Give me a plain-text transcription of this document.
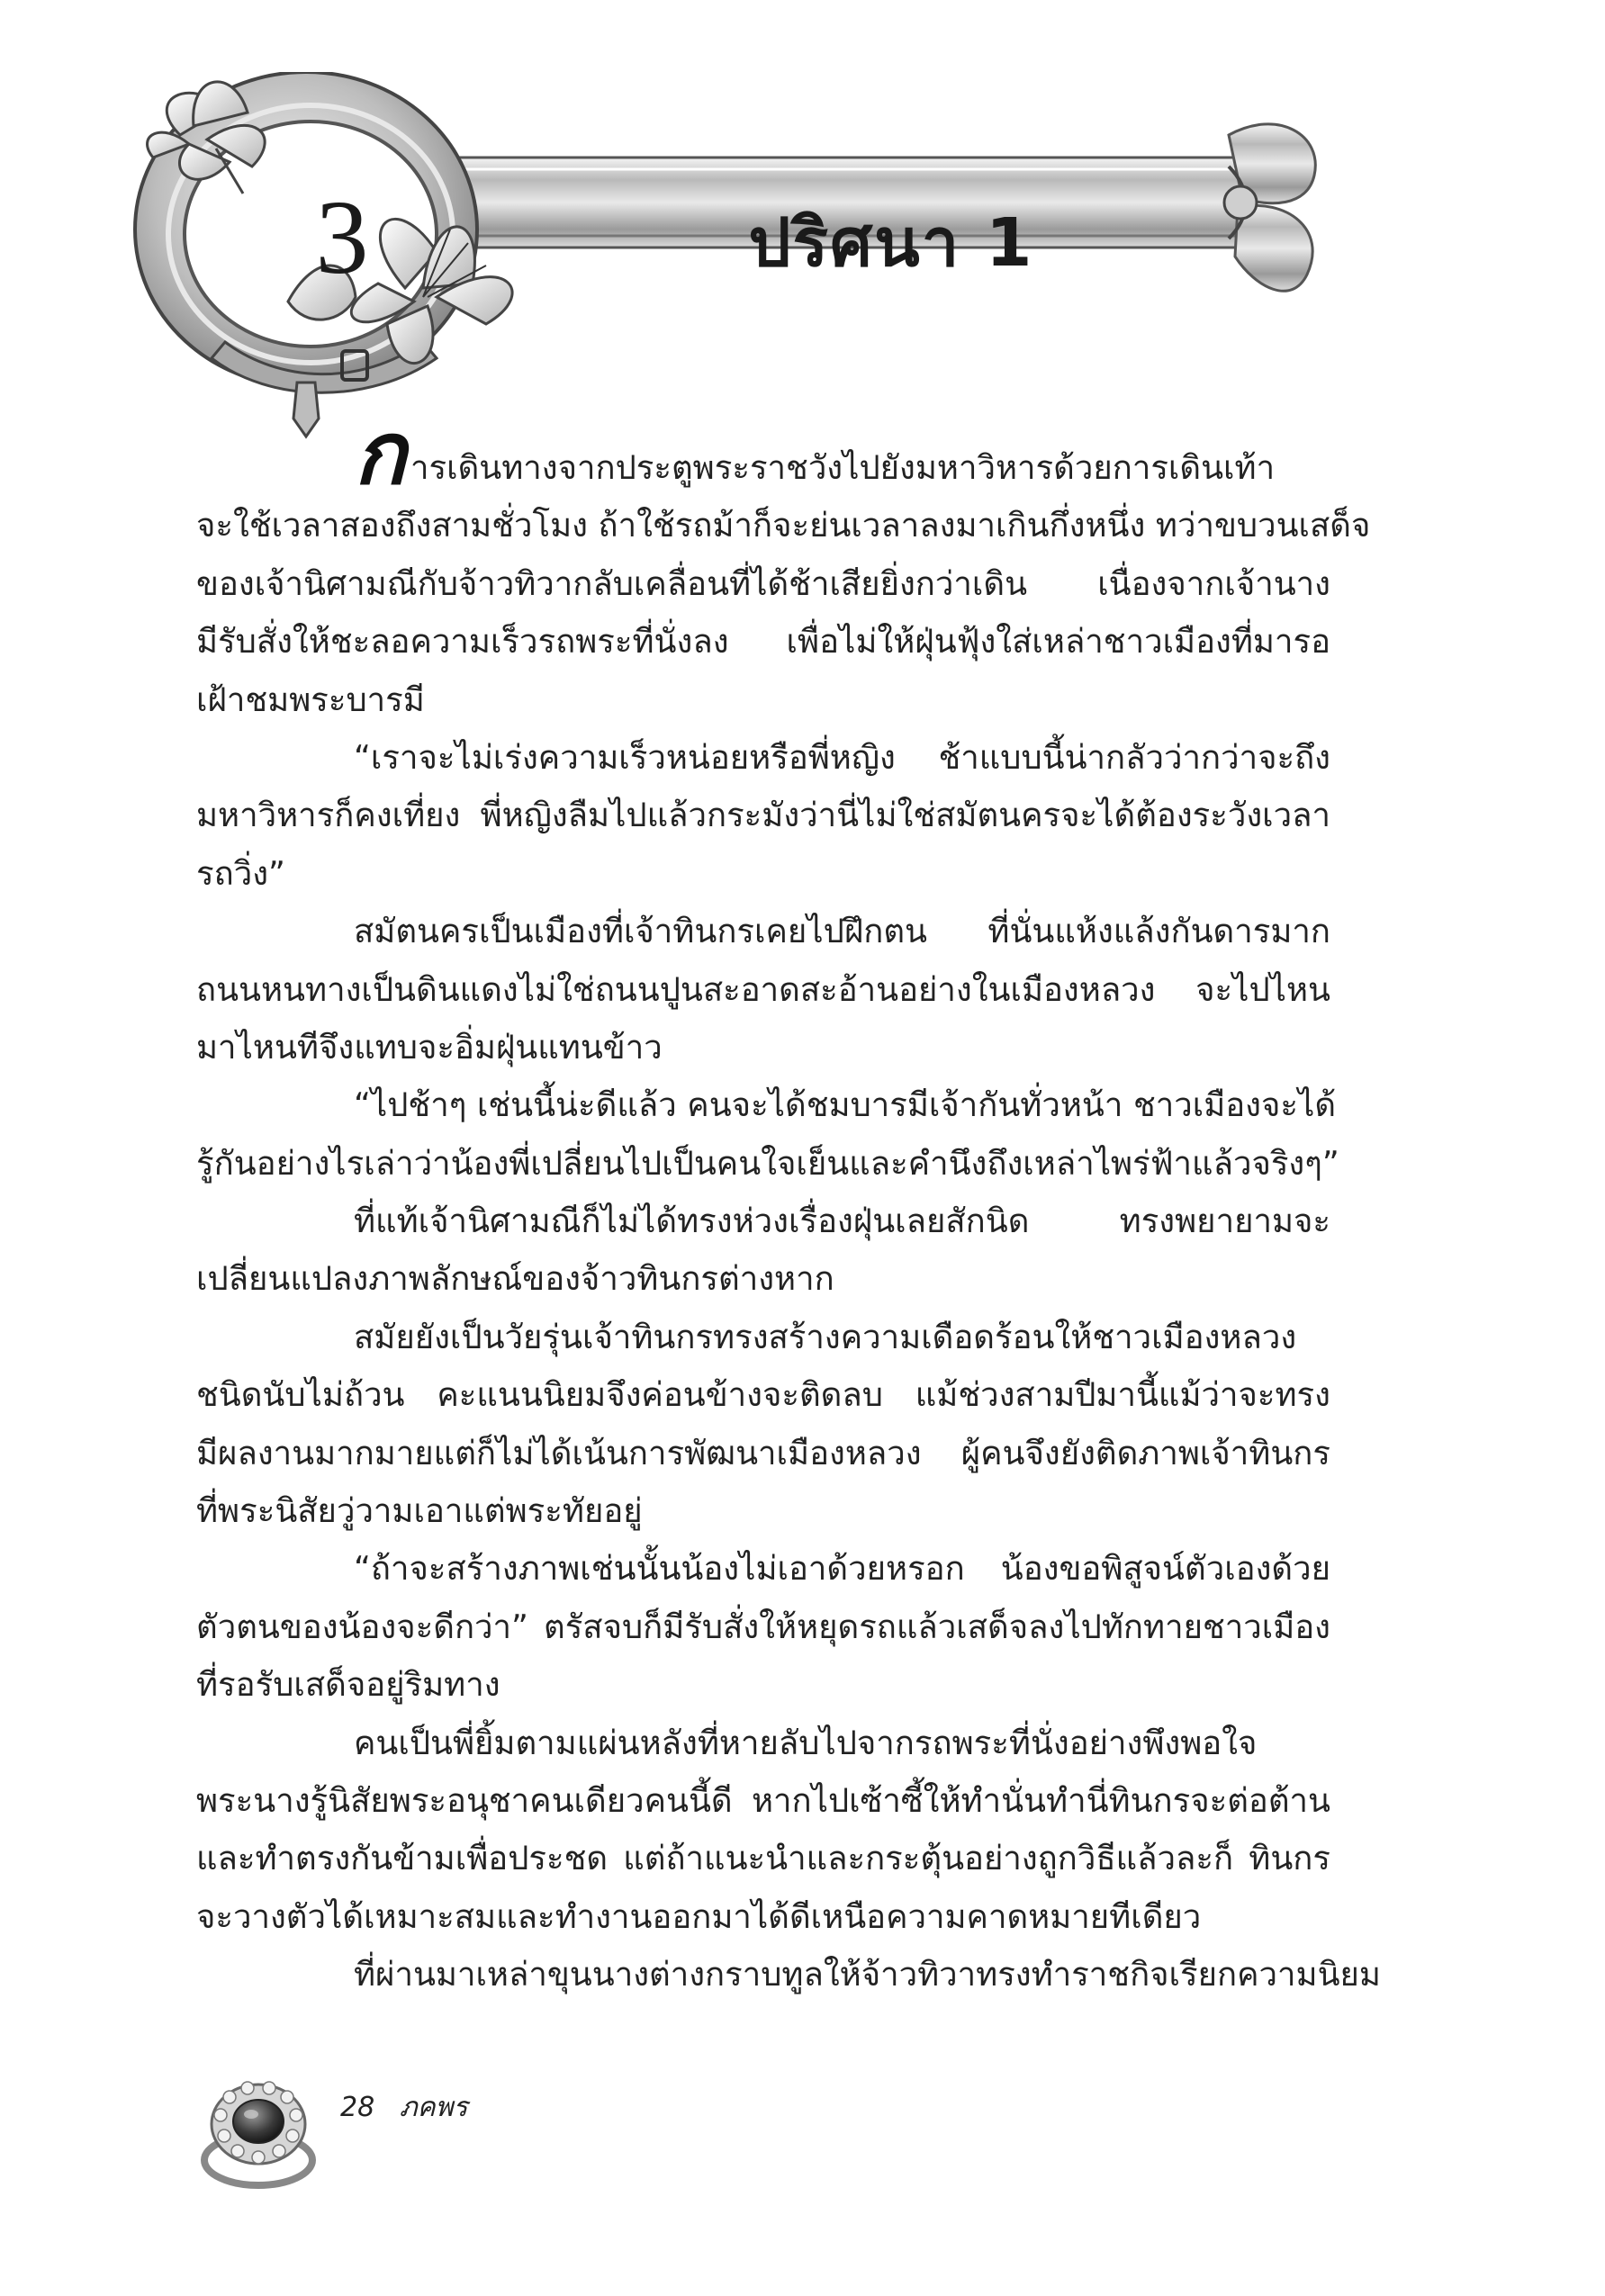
3	ปริศนา 1
ก ารเดินทางจากประตูพระราชวังไปยังมหาวิหารด้วยการเดินเท้า
จะใช้เวลาสองถึงสามชั่วโมง ถ้าใช้รถม้าก็จะย่นเวลาลงมาเกินกึ่งหนึ่ง ทว่าขบวนเสด็จ
ของเจ้านิศามณีกับจ้าวทิวากลับเคลื่อนที่ได้ช้าเสียยิ่งกว่าเดิน เนื่องจากเจ้านาง
มีรับสั่งให้ชะลอความเร็วรถพระที่นั่งลง เพื่อไม่ให้ฝุ่นฟุ้งใส่เหล่าชาวเมืองที่มารอ
เฝ้าชมพระบารมี
“เราจะไม่เร่งความเร็วหน่อยหรือพี่หญิง ช้าแบบนี้น่ากลัวว่ากว่าจะถึง
มหาวิหารก็คงเที่ยง พี่หญิงลืมไปแล้วกระมังว่านี่ไม่ใช่สมัตนครจะได้ต้องระวังเวลา
รถวิ่ง”
สมัตนครเป็นเมืองที่เจ้าทินกรเคยไปฝึกตน ที่นั่นแห้งแล้งกันดารมาก
ถนนหนทางเป็นดินแดงไม่ใช่ถนนปูนสะอาดสะอ้านอย่างในเมืองหลวง จะไปไหน
มาไหนทีจึงแทบจะอิ่มฝุ่นแทนข้าว
“ไปช้าๆ เช่นนี้น่ะดีแล้ว คนจะได้ชมบารมีเจ้ากันทั่วหน้า ชาวเมืองจะได้
รู้กันอย่างไรเล่าว่าน้องพี่เปลี่ยนไปเป็นคนใจเย็นและคำนึงถึงเหล่าไพร่ฟ้าแล้วจริงๆ”
ที่แท้เจ้านิศามณีก็ไม่ได้ทรงห่วงเรื่องฝุ่นเลยสักนิด ทรงพยายามจะ
เปลี่ยนแปลงภาพลักษณ์ของจ้าวทินกรต่างหาก
สมัยยังเป็นวัยรุ่นเจ้าทินกรทรงสร้างความเดือดร้อนให้ชาวเมืองหลวง
ชนิดนับไม่ถ้วน คะแนนนิยมจึงค่อนข้างจะติดลบ แม้ช่วงสามปีมานี้แม้ว่าจะทรง
มีผลงานมากมายแต่ก็ไม่ได้เน้นการพัฒนาเมืองหลวง ผู้คนจึงยังติดภาพเจ้าทินกร
ที่พระนิสัยวู่วามเอาแต่พระทัยอยู่
“ถ้าจะสร้างภาพเช่นนั้นน้องไม่เอาด้วยหรอก น้องขอพิสูจน์ตัวเองด้วย
ตัวตนของน้องจะดีกว่า” ตรัสจบก็มีรับสั่งให้หยุดรถแล้วเสด็จลงไปทักทายชาวเมือง
ที่รอรับเสด็จอยู่ริมทาง
คนเป็นพี่ยิ้มตามแผ่นหลังที่หายลับไปจากรถพระที่นั่งอย่างพึงพอใจ
พระนางรู้นิสัยพระอนุชาคนเดียวคนนี้ดี หากไปเซ้าซี้ให้ทำนั่นทำนี่ทินกรจะต่อต้าน
และทำตรงกันข้ามเพื่อประชด แต่ถ้าแนะนำและกระตุ้นอย่างถูกวิธีแล้วละก็ ทินกร
จะวางตัวได้เหมาะสมและทำงานออกมาได้ดีเหนือความคาดหมายทีเดียว
ที่ผ่านมาเหล่าขุนนางต่างกราบทูลให้จ้าวทิวาทรงทำราชกิจเรียกความนิยม
28 ภคพร
